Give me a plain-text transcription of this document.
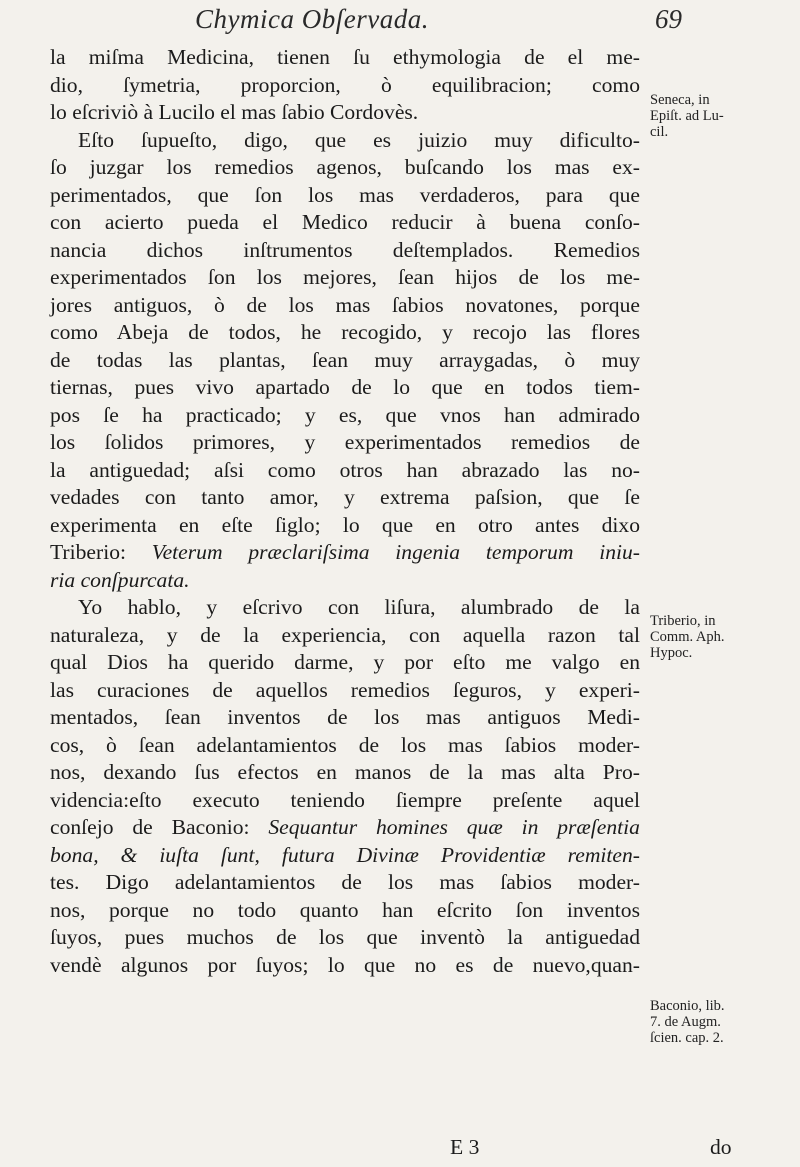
Chymica Obſervada.	69
la miſma Medicina, tienen ſu ethymologia de el me-
dio, ſymetria, proporcion, ò equilibracion; como
lo eſcriviò à Lucilo el mas ſabio Cordovès.
Eſto ſupueſto, digo, que es juizio muy dificulto-
ſo juzgar los remedios agenos, buſcando los mas ex-
perimentados, que ſon los mas verdaderos, para que
con acierto pueda el Medico reducir à buena conſo-
nancia dichos inſtrumentos deſtemplados. Remedios
experimentados ſon los mejores, ſean hijos de los me-
jores antiguos, ò de los mas ſabios novatones, porque
como Abeja de todos, he recogido, y recojo las flores
de todas las plantas, ſean muy arraygadas, ò muy
tiernas, pues vivo apartado de lo que en todos tiem-
pos ſe ha practicado; y es, que vnos han admirado
los ſolidos primores, y experimentados remedios de
la antiguedad; aſsi como otros han abrazado las no-
vedades con tanto amor, y extrema paſsion, que ſe
experimenta en eſte ſiglo; lo que en otro antes dixo
Triberio: Veterum præclariſsima ingenia temporum iniu-
ria conſpurcata.
Yo hablo, y eſcrivo con liſura, alumbrado de la
naturaleza, y de la experiencia, con aquella razon tal
qual Dios ha querido darme, y por eſto me valgo en
las curaciones de aquellos remedios ſeguros, y experi-
mentados, ſean inventos de los mas antiguos Medi-
cos, ò ſean adelantamientos de los mas ſabios moder-
nos, dexando ſus efectos en manos de la mas alta Pro-
videncia:eſto executo teniendo ſiempre preſente aquel
conſejo de Baconio: Sequantur homines quæ in præſentia
bona, & iuſta ſunt, futura Divinæ Providentiæ remiten-
tes. Digo adelantamientos de los mas ſabios moder-
nos, porque no todo quanto han eſcrito ſon inventos
ſuyos, pues muchos de los que inventò la antiguedad
vendè algunos por ſuyos; lo que no es de nuevo,quan-
Seneca, in
Epiſt. ad Lu-
cil.
Triberio, in
Comm. Aph.
Hypoc.
Baconio, lib.
7. de Augm.
ſcien. cap. 2.
E 3	do
